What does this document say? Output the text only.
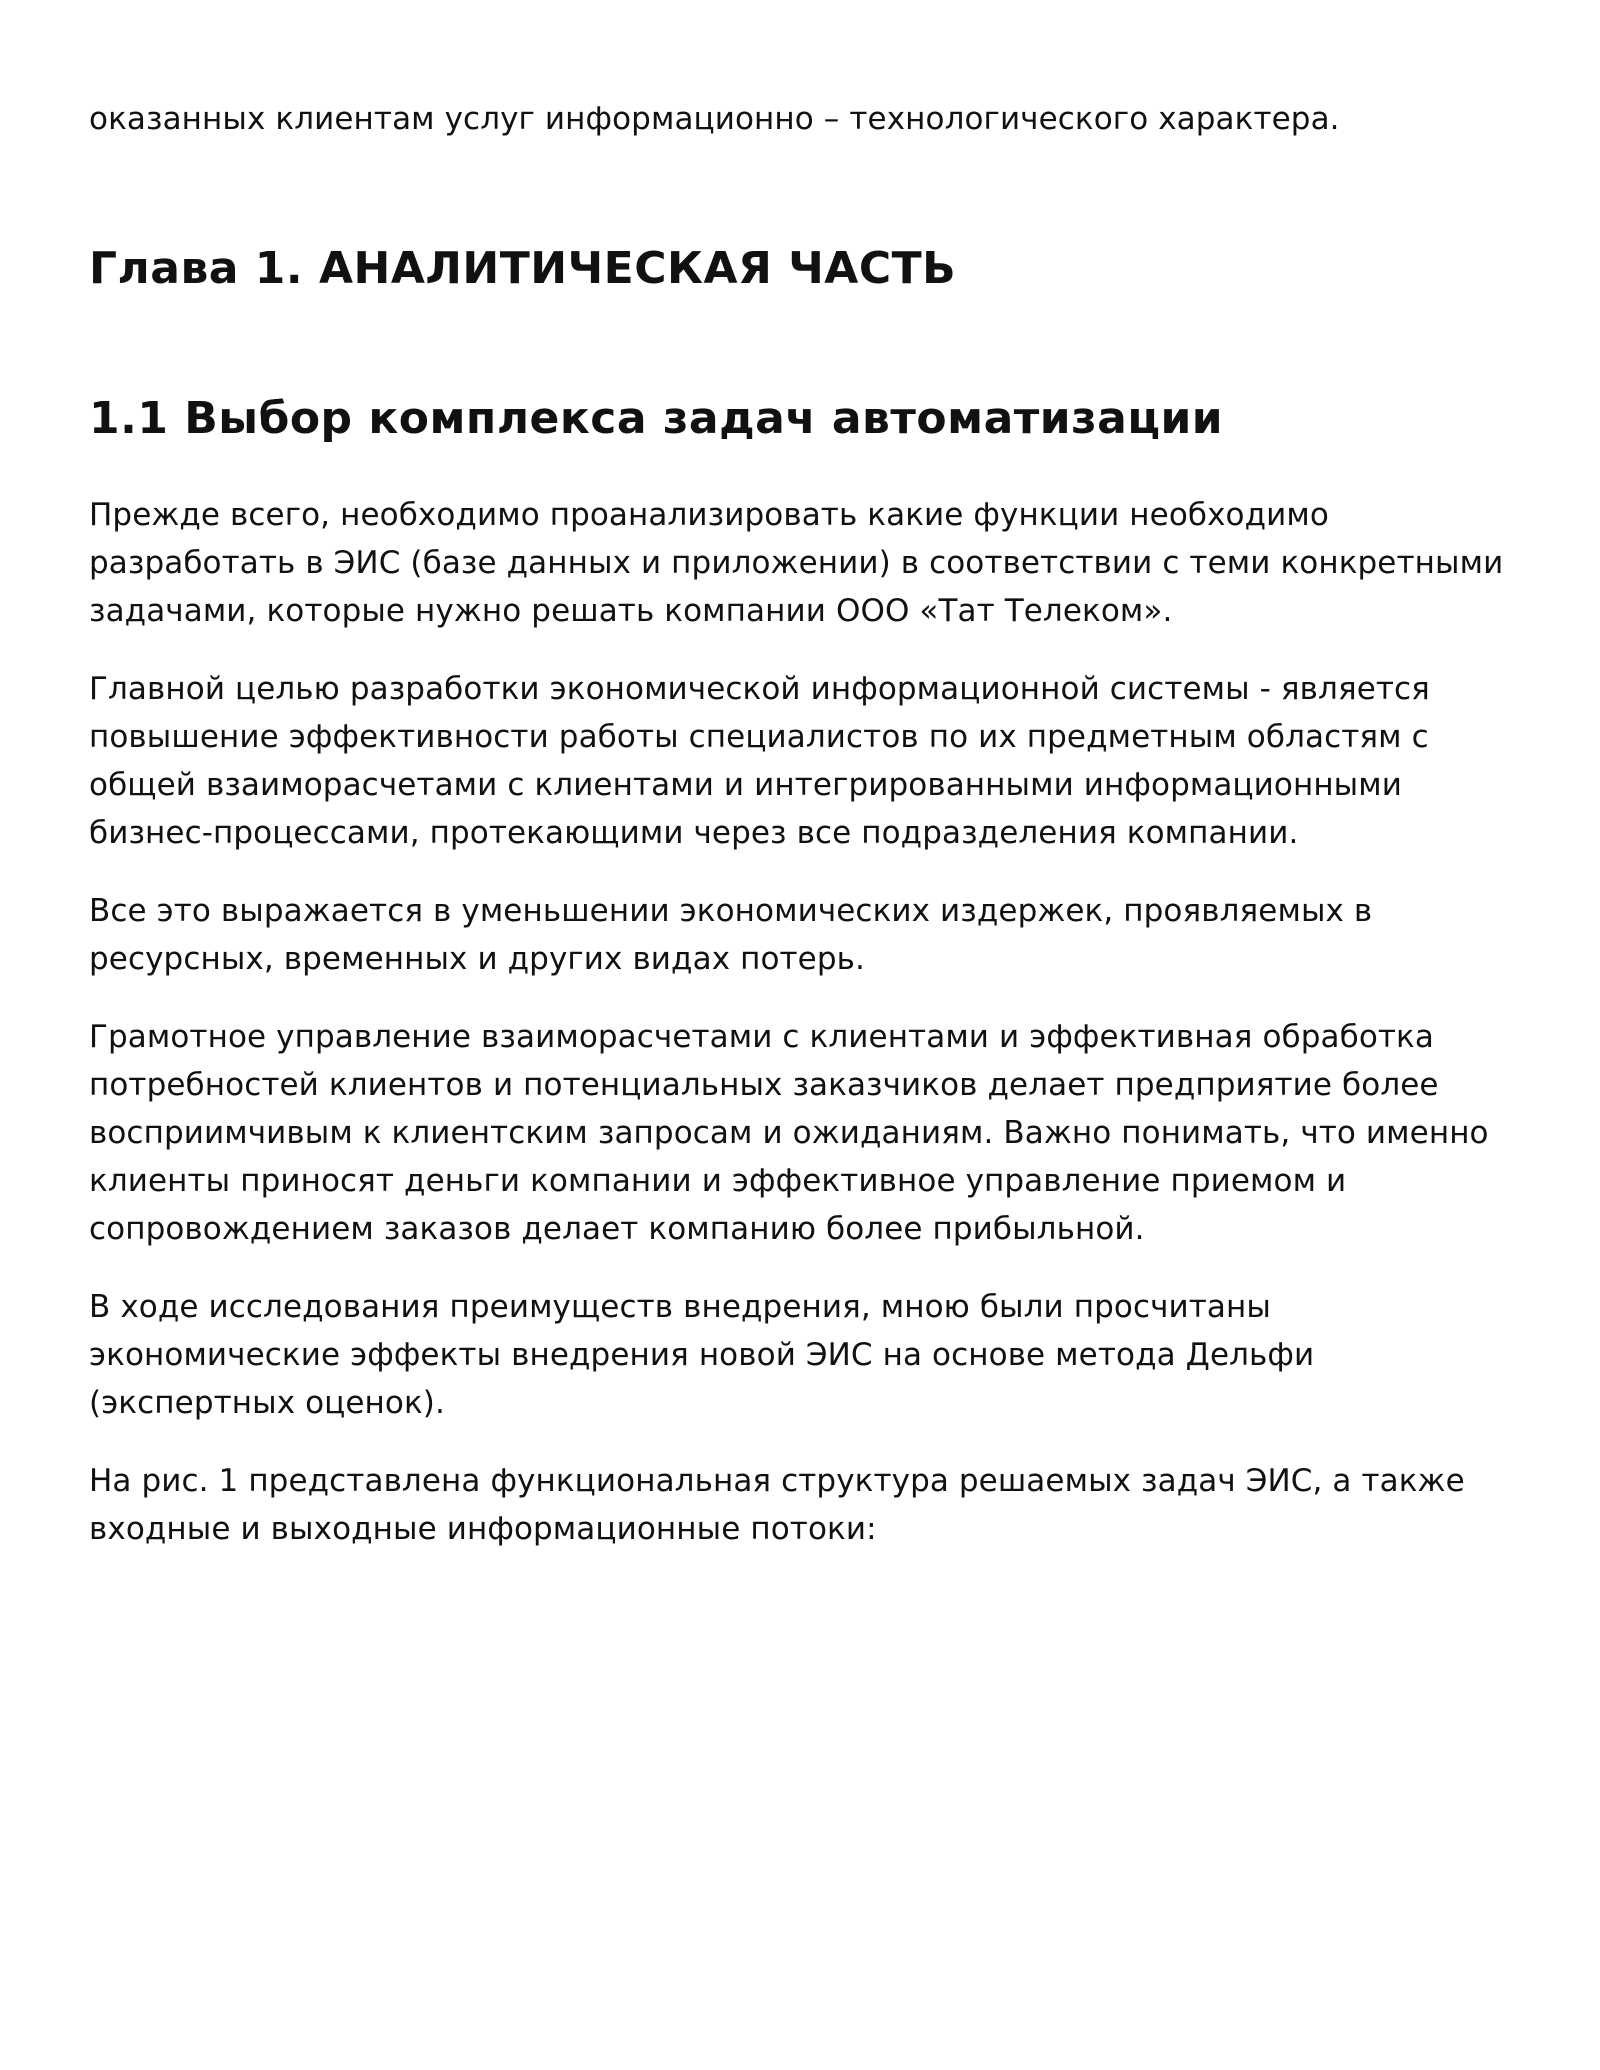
оказанных клиентам услуг информационно – технологического характера.

Глава 1. АНАЛИТИЧЕСКАЯ ЧАСТЬ
1.1 Выбор комплекса задач автоматизации

Прежде всего, необходимо проанализировать какие функции необходимо разработать в ЭИС (базе данных и приложении) в соответствии с теми конкретными задачами, которые нужно решать компании ООО «Тат Телеком».

Главной целью разработки экономической информационной системы - является повышение эффективности работы специалистов по их предметным областям с общей взаиморасчетами с клиентами и интегрированными информационными бизнес-процессами, протекающими через все подразделения компании.

Все это выражается в уменьшении экономических издержек, проявляемых в ресурсных, временных и других видах потерь.

Грамотное управление взаиморасчетами с клиентами и эффективная обработка потребностей клиентов и потенциальных заказчиков делает предприятие более восприимчивым к клиентским запросам и ожиданиям. Важно понимать, что именно клиенты приносят деньги компании и эффективное управление приемом и сопровождением заказов делает компанию более прибыльной.

В ходе исследования преимуществ внедрения, мною были просчитаны экономические эффекты внедрения новой ЭИС на основе метода Дельфи (экспертных оценок).

На рис. 1 представлена функциональная структура решаемых задач ЭИС, а также входные и выходные информационные потоки:
